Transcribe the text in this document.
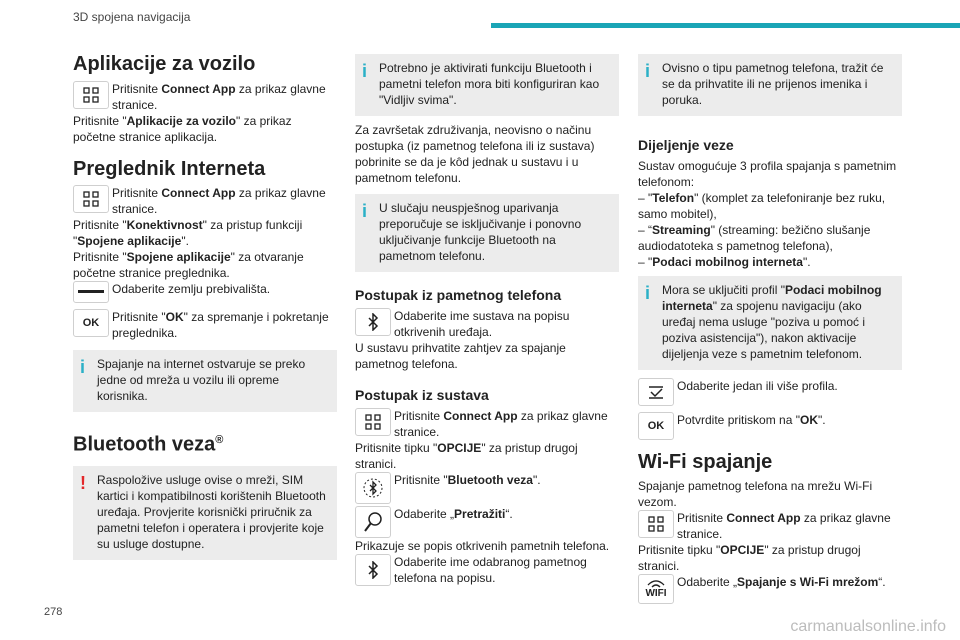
3D spojena navigacija
Aplikacije za vozilo

Pritisnite Connect App za prikaz glavne stranice.

Pritisnite "Aplikacije za vozilo" za prikaz početne stranice aplikacija.

Preglednik Interneta

Pritisnite Connect App za prikaz glavne stranice.

Pritisnite "Konektivnost" za pristup funkciji "Spojene aplikacije".

Pritisnite "Spojene aplikacije" za otvaranje početne stranice preglednika.

Odaberite zemlju prebivališta.

OK	Pritisnite "OK" za spremanje i pokretanje preglednika.

i Spajanje na internet ostvaruje se preko jedne od mreža u vozilu ili opreme korisnika.

Bluetooth veza®
! Raspoložive usluge ovise o mreži, SIM kartici i kompatibilnosti korištenih Bluetooth uređaja. Provjerite korisnički priručnik za pametni telefon i operatera i provjerite koje su usluge dostupne.

i Potrebno je aktivirati funkciju Bluetooth i pametni telefon mora biti konfiguriran kao "Vidljiv svima".

Za završetak združivanja, neovisno o načinu postupka (iz pametnog telefona ili iz sustava) pobrinite se da je kôd jednak u sustavu i u pametnom telefonu.

i U slučaju neuspješnog uparivanja preporučuje se isključivanje i ponovno uključivanje funkcije Bluetooth na pametnom telefonu.

Postupak iz pametnog telefona

Odaberite ime sustava na popisu otkrivenih uređaja.

U sustavu prihvatite zahtjev za spajanje pametnog telefona.

Postupak iz sustava

Pritisnite Connect App za prikaz glavne stranice.

Pritisnite tipku "OPCIJE" za pristup drugoj stranici.

Pritisnite "Bluetooth veza".

Odaberite „Pretražiti“.

Prikazuje se popis otkrivenih pametnih telefona.

Odaberite ime odabranog pametnog telefona na popisu.

i Ovisno o tipu pametnog telefona, tražit će se da prihvatite ili ne prijenos imenika i poruka.

Dijeljenje veze

Sustav omogućuje 3 profila spajanja s pametnim telefonom:

– "Telefon" (komplet za telefoniranje bez ruku, samo mobitel),

– “Streaming" (streaming: bežično slušanje audiodatoteka s pametnog telefona),

– "Podaci mobilnog interneta".

i Mora se uključiti profil "Podaci mobilnog interneta" za spojenu navigaciju (ako uređaj nema usluge "poziva u pomoć i poziva asistencija"), nakon aktivacije dijeljenja veze s pametnim telefonom.

Odaberite jedan ili više profila.

OK	Potvrdite pritiskom na "OK".

Wi-Fi spajanje

Spajanje pametnog telefona na mrežu Wi-Fi vezom.

Pritisnite Connect App za prikaz glavne stranice.

Pritisnite tipku "OPCIJE" za pristup drugoj stranici.

WIFI

Odaberite „Spajanje s Wi-Fi mrežom“.

278
carmanualsonline.info
